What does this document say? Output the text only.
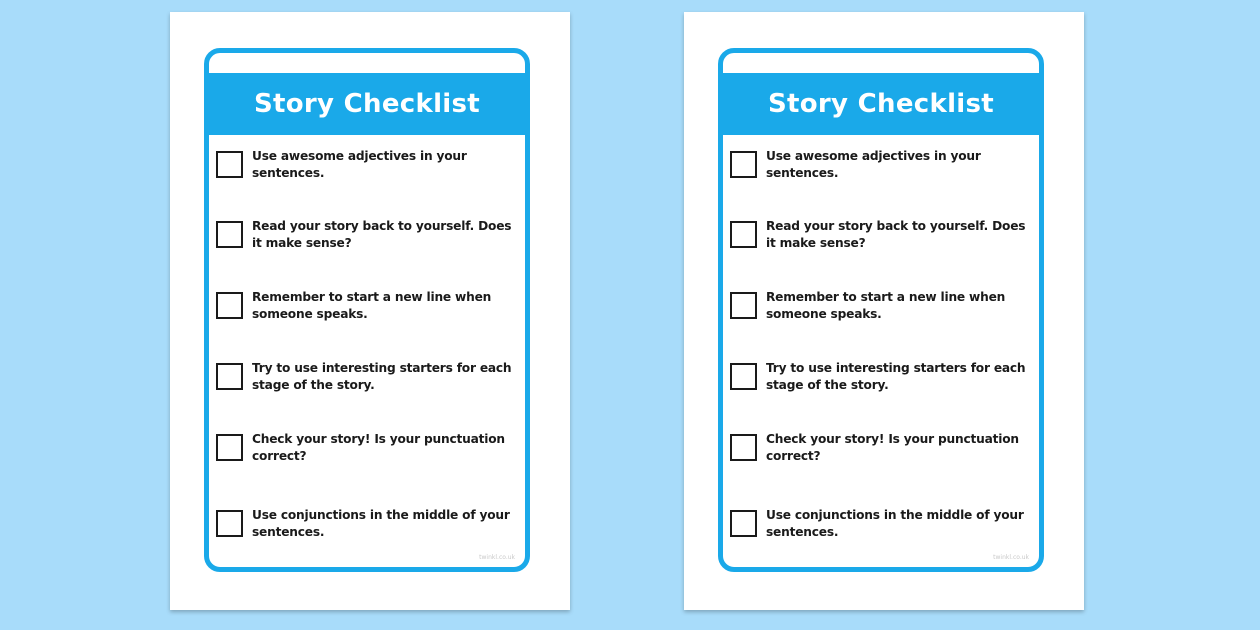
Story Checklist
Use awesome adjectives in your sentences.
Read your story back to yourself. Does it make sense?
Remember to start a new line when someone speaks.
Try to use interesting starters for each stage of the story.
Check your story! Is your punctuation correct?
Use conjunctions in the middle of your sentences.
twinkl.co.uk
Story Checklist
Use awesome adjectives in your sentences.
Read your story back to yourself. Does it make sense?
Remember to start a new line when someone speaks.
Try to use interesting starters for each stage of the story.
Check your story! Is your punctuation correct?
Use conjunctions in the middle of your sentences.
twinkl.co.uk
